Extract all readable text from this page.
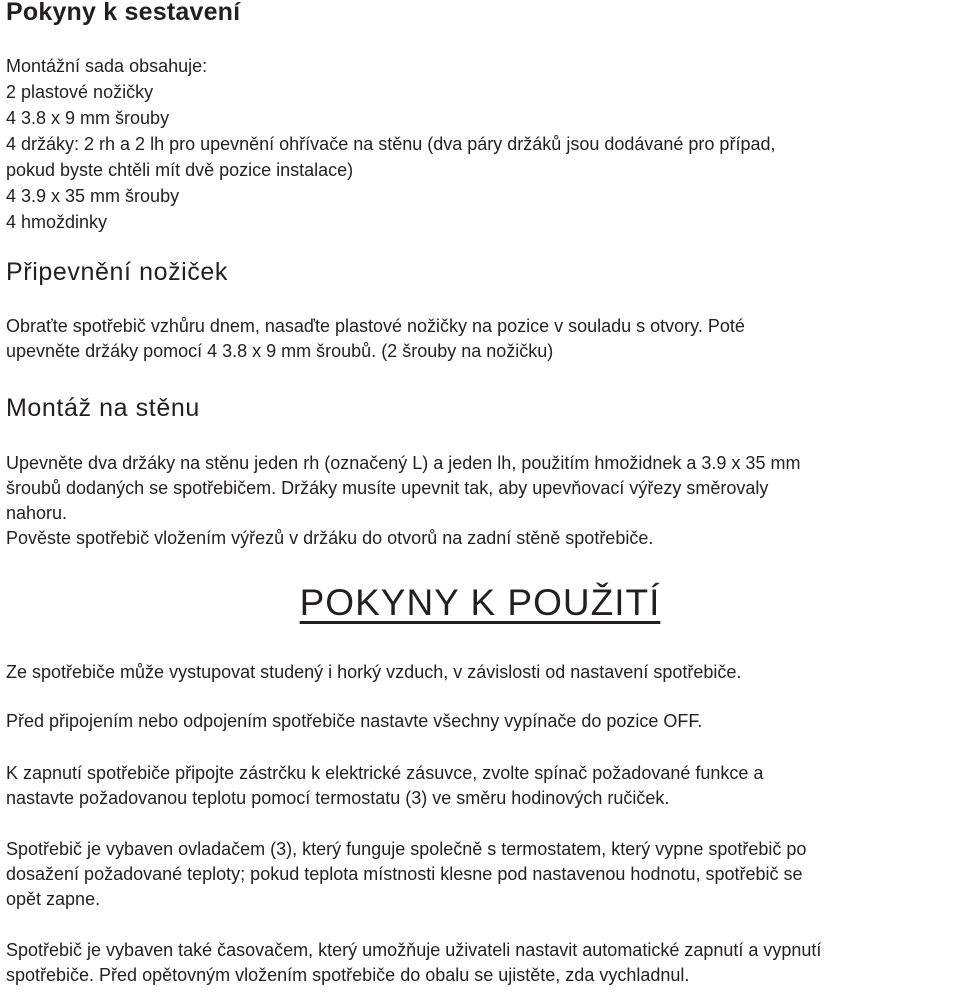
Pokyny k sestavení
Montážní sada obsahuje:
2 plastové nožičky
4 3.8 x 9 mm šrouby
4 držáky: 2 rh a 2 lh pro upevnění ohřívače na stěnu (dva páry držáků jsou dodávané pro případ,
pokud byste chtěli mít dvě pozice instalace)
4 3.9 x 35 mm šrouby
4 hmoždinky
Připevnění nožiček
Obraťte spotřebič vzhůru dnem, nasaďte plastové nožičky na pozice v souladu s otvory. Poté
upevněte držáky pomocí 4 3.8 x 9 mm šroubů. (2 šrouby na nožičku)
Montáž na stěnu
Upevněte dva držáky na stěnu jeden rh (označený L) a jeden lh, použitím hmožidnek a 3.9 x 35 mm
šroubů dodaných se spotřebičem. Držáky musíte upevnit tak, aby upevňovací výřezy směrovaly
nahoru.
Pověste spotřebič vložením výřezů v držáku do otvorů na zadní stěně spotřebiče.
POKYNY K POUŽITÍ
Ze spotřebiče může vystupovat studený i horký vzduch, v závislosti od nastavení spotřebiče.
Před připojením nebo odpojením spotřebiče nastavte všechny vypínače do pozice OFF.
K zapnutí spotřebiče připojte zástrčku k elektrické zásuvce, zvolte spínač požadované funkce a
nastavte požadovanou teplotu pomocí termostatu (3) ve směru hodinových ručiček.
Spotřebič je vybaven ovladačem (3), který funguje společně s termostatem, který vypne spotřebič po
dosažení požadované teploty; pokud teplota místnosti klesne pod nastavenou hodnotu, spotřebič se
opět zapne.
Spotřebič je vybaven také časovačem, který umožňuje uživateli nastavit automatické zapnutí a vypnutí
spotřebiče. Před opětovným vložením spotřebiče do obalu se ujistěte, zda vychladnul.
